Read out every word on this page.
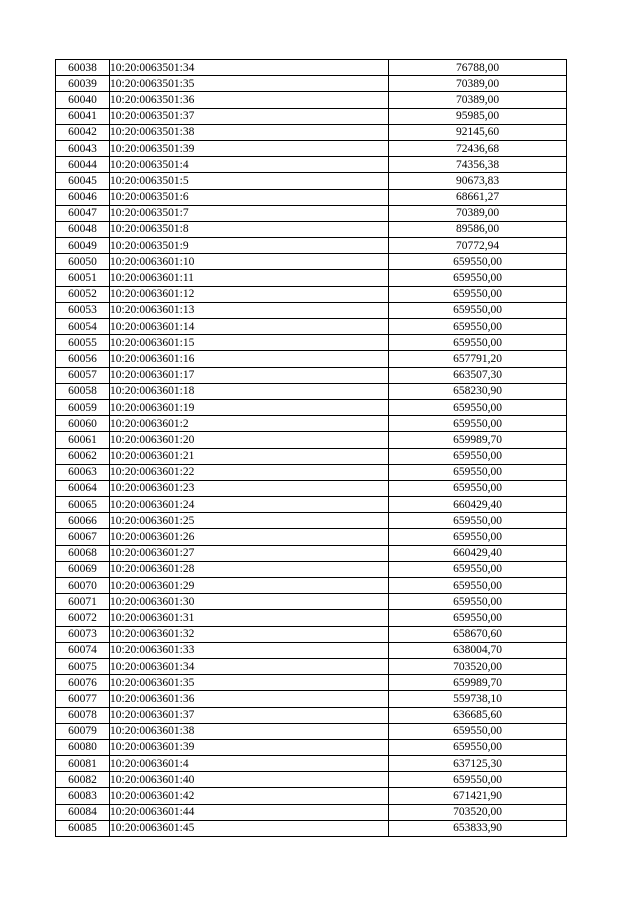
60038	10:20:0063501:34	76788,00
60039	10:20:0063501:35	70389,00
60040	10:20:0063501:36	70389,00
60041	10:20:0063501:37	95985,00
60042	10:20:0063501:38	92145,60
60043	10:20:0063501:39	72436,68
60044	10:20:0063501:4	74356,38
60045	10:20:0063501:5	90673,83
60046	10:20:0063501:6	68661,27
60047	10:20:0063501:7	70389,00
60048	10:20:0063501:8	89586,00
60049	10:20:0063501:9	70772,94
60050	10:20:0063601:10	659550,00
60051	10:20:0063601:11	659550,00
60052	10:20:0063601:12	659550,00
60053	10:20:0063601:13	659550,00
60054	10:20:0063601:14	659550,00
60055	10:20:0063601:15	659550,00
60056	10:20:0063601:16	657791,20
60057	10:20:0063601:17	663507,30
60058	10:20:0063601:18	658230,90
60059	10:20:0063601:19	659550,00
60060	10:20:0063601:2	659550,00
60061	10:20:0063601:20	659989,70
60062	10:20:0063601:21	659550,00
60063	10:20:0063601:22	659550,00
60064	10:20:0063601:23	659550,00
60065	10:20:0063601:24	660429,40
60066	10:20:0063601:25	659550,00
60067	10:20:0063601:26	659550,00
60068	10:20:0063601:27	660429,40
60069	10:20:0063601:28	659550,00
60070	10:20:0063601:29	659550,00
60071	10:20:0063601:30	659550,00
60072	10:20:0063601:31	659550,00
60073	10:20:0063601:32	658670,60
60074	10:20:0063601:33	638004,70
60075	10:20:0063601:34	703520,00
60076	10:20:0063601:35	659989,70
60077	10:20:0063601:36	559738,10
60078	10:20:0063601:37	636685,60
60079	10:20:0063601:38	659550,00
60080	10:20:0063601:39	659550,00
60081	10:20:0063601:4	637125,30
60082	10:20:0063601:40	659550,00
60083	10:20:0063601:42	671421,90
60084	10:20:0063601:44	703520,00
60085	10:20:0063601:45	653833,90
